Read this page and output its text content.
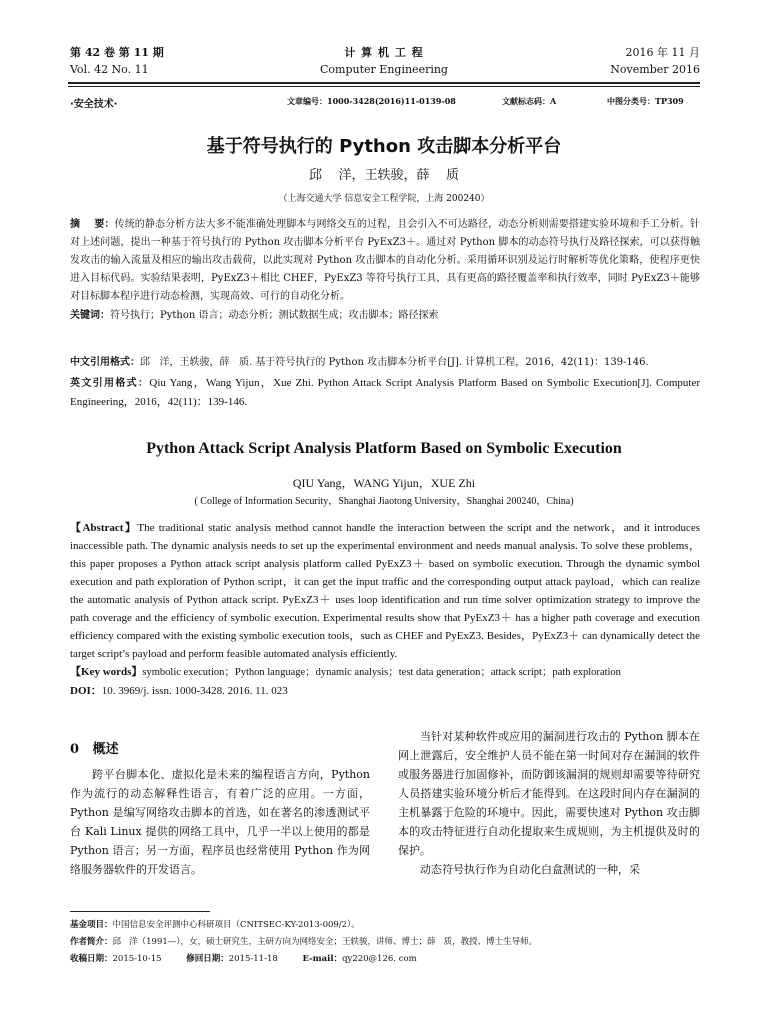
第 42 卷 第 11 期
Vol. 42 No. 11
计 算 机 工 程
Computer Engineering
2016 年 11 月
November 2016
·安全技术·	文章编号：1000-3428(2016)11-0139-08	文献标志码：A	中图分类号：TP309
基于符号执行的 Python 攻击脚本分析平台
邱    洋，王轶骏，薛    质
（上海交通大学 信息安全工程学院，上海 200240）

摘    要：传统的静态分析方法大多不能准确处理脚本与网络交互的过程，且会引入不可达路径，动态分析则需要搭建实验环境和手工分析。针对上述问题，提出一种基于符号执行的 Python 攻击脚本分析平台 PyExZ3＋。通过对 Python 脚本的动态符号执行及路径探索，可以获得触发攻击的输入流量及相应的输出攻击载荷，以此实现对 Python 攻击脚本的自动化分析。采用循环识别及运行时解析等优化策略，使程序更快进入目标代码。实验结果表明，PyExZ3＋相比 CHEF，PyExZ3 等符号执行工具，具有更高的路径覆盖率和执行效率，同时 PyExZ3＋能够对目标脚本程序进行动态检测，实现高效、可行的自动化分析。

关键词：符号执行；Python 语言；动态分析；测试数据生成；攻击脚本；路径探索

中文引用格式：邱   洋，王轶骏，薛   质. 基于符号执行的 Python 攻击脚本分析平台[J]. 计算机工程，2016，42(11)：139-146.

英文引用格式：Qiu Yang，Wang Yijun，Xue Zhi. Python Attack Script Analysis Platform Based on Symbolic Execution[J]. Computer Engineering，2016，42(11)：139-146.

Python Attack Script Analysis Platform Based on Symbolic Execution
QIU Yang，WANG Yijun，XUE Zhi
( College of Information Security，Shanghai Jiaotong University，Shanghai 200240，China)

【Abstract】The traditional static analysis method cannot handle the interaction between the script and the network，and it introduces inaccessible path. The dynamic analysis needs to set up the experimental environment and needs manual analysis. To solve these problems，this paper proposes a Python attack script analysis platform called PyExZ3＋ based on symbolic execution. Through the dynamic symbol execution and path exploration of Python script，it can get the input traffic and the corresponding output attack payload，which can realize the automatic analysis of Python attack script. PyExZ3＋ uses loop identification and run time solver optimization strategy to improve the path coverage and the efficiency of symbolic execution. Experimental results show that PyExZ3＋ has a higher path coverage and execution efficiency compared with the existing symbolic execution tools，such as CHEF and PyExZ3. Besides，PyExZ3＋ can dynamically detect the target script’s payload and perform feasible automated analysis efficiently.

【Key words】symbolic execution；Python language；dynamic analysis；test data generation；attack script；path exploration

DOI：10. 3969/j. issn. 1000-3428. 2016. 11. 023

0   概述

跨平台脚本化、虚拟化是未来的编程语言方向，Python 作为流行的动态解释性语言，有着广泛的应用。一方面，Python 是编写网络攻击脚本的首选，如在著名的渗透测试平台 Kali Linux 提供的网络工具中，几乎一半以上使用的都是 Python 语言；另一方面，程序员也经常使用 Python 作为网络服务器软件的开发语言。

当针对某种软件或应用的漏洞进行攻击的 Python 脚本在网上泄露后，安全维护人员不能在第一时间对存在漏洞的软件或服务器进行加固修补，而防御该漏洞的规则却需要等待研究人员搭建实验环境分析后才能得到。在这段时间内存在漏洞的主机暴露于危险的环境中。因此，需要快速对 Python 攻击脚本的攻击特征进行自动化提取来生成规则，为主机提供及时的保护。

动态符号执行作为自动化白盒测试的一种，采

基金项目：中国信息安全评测中心科研项目（CNITSEC-KY-2013-009/2）。
作者简介：邱   洋（1991—），女，硕士研究生，主研方向为网络安全；王轶骏，讲师、博士；薛   质，教授、博士生导师。
收稿日期：2015-10-15	修回日期：2015-11-18	E-mail：qy220@126. com
